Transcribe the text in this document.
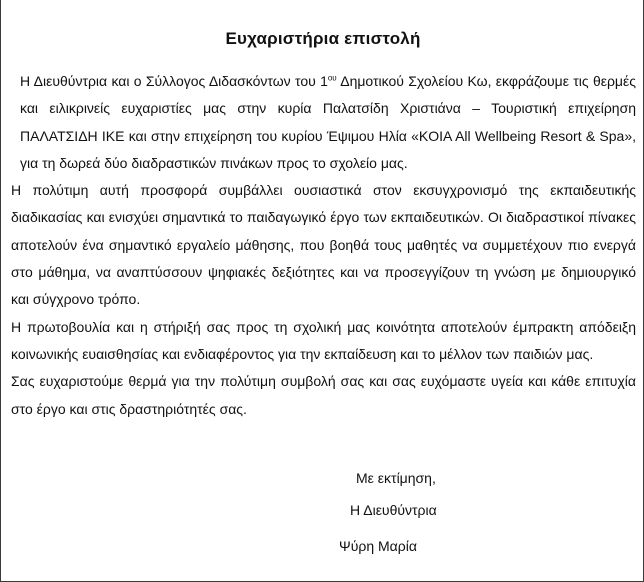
Ευχαριστήρια επιστολή

Η Διευθύντρια και ο Σύλλογος Διδασκόντων του $1^{o\upsilon}$ Δημοτικού Σχολείου Κω, εκφράζουμε τις θερμές και ειλικρινείς ευχαριστίες μας στην κυρία Παλατσίδη Χριστιάνα – Τουριστική επιχείρηση ΠΑΛΑΤΣΙΔΗ ΙΚΕ και στην επιχείρηση του κυρίου Έψιμου Ηλία «KOIA All Wellbeing Resort & Spa», για τη δωρεά δύο διαδραστικών πινάκων προς το σχολείο μας.

Η πολύτιμη αυτή προσφορά συμβάλλει ουσιαστικά στον εκσυγχρονισμό της εκπαιδευτικής διαδικασίας και ενισχύει σημαντικά το παιδαγωγικό έργο των εκπαιδευτικών. Οι διαδραστικοί πίνακες αποτελούν ένα σημαντικό εργαλείο μάθησης, που βοηθά τους μαθητές να συμμετέχουν πιο ενεργά στο μάθημα, να αναπτύσσουν ψηφιακές δεξιότητες και να προσεγγίζουν τη γνώση με δημιουργικό και σύγχρονο τρόπο.

Η πρωτοβουλία και η στήριξή σας προς τη σχολική μας κοινότητα αποτελούν έμπρακτη απόδειξη κοινωνικής ευαισθησίας και ενδιαφέροντος για την εκπαίδευση και το μέλλον των παιδιών μας.

Σας ευχαριστούμε θερμά για την πολύτιμη συμβολή σας και σας ευχόμαστε υγεία και κάθε επιτυχία στο έργο και στις δραστηριότητές σας.

Με εκτίμηση,

Η Διευθύντρια

Ψύρη Μαρία
